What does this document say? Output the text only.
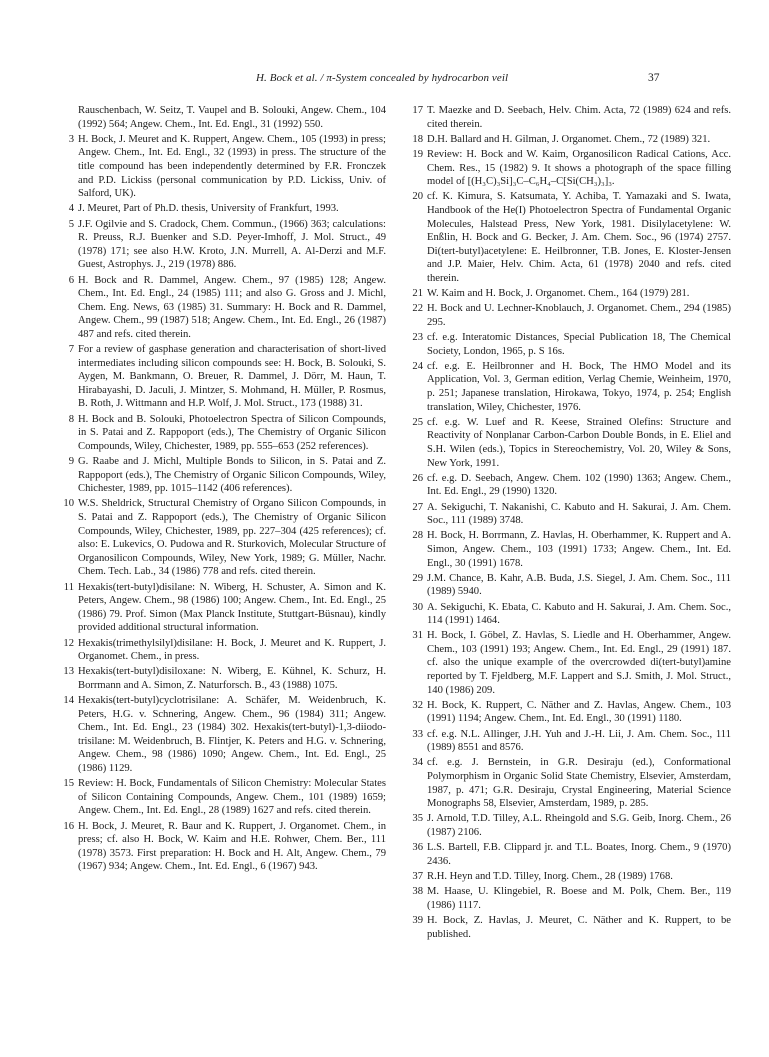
H. Bock et al. / π-System concealed by hydrocarbon veil	37
Rauschenbach, W. Seitz, T. Vaupel and B. Solouki, Angew. Chem., 104 (1992) 564; Angew. Chem., Int. Ed. Engl., 31 (1992) 550.
3 H. Bock, J. Meuret and K. Ruppert, Angew. Chem., 105 (1993) in press; Angew. Chem., Int. Ed. Engl., 32 (1993) in press. The structure of the title compound has been independently determined by F.R. Fronczek and P.D. Lickiss (personal communication by P.D. Lickiss, Univ. of Salford, UK).
4 J. Meuret, Part of Ph.D. thesis, University of Frankfurt, 1993.
5 J.F. Ogilvie and S. Cradock, Chem. Commun., (1966) 363; calculations: R. Preuss, R.J. Buenker and S.D. Peyer-Imhoff, J. Mol. Struct., 49 (1978) 171; see also H.W. Kroto, J.N. Murrell, A. Al-Derzi and M.F. Guest, Astrophys. J., 219 (1978) 886.
6 H. Bock and R. Dammel, Angew. Chem., 97 (1985) 128; Angew. Chem., Int. Ed. Engl., 24 (1985) 111; and also G. Gross and J. Michl, Chem. Eng. News, 63 (1985) 31. Summary: H. Bock and R. Dammel, Angew. Chem., 99 (1987) 518; Angew. Chem., Int. Ed. Engl., 26 (1987) 487 and refs. cited therein.
7 For a review of gasphase generation and characterisation of short-lived intermediates including silicon compounds see: H. Bock, B. Solouki, S. Aygen, M. Bankmann, O. Breuer, R. Dammel, J. Dörr, M. Haun, T. Hirabayashi, D. Jaculi, J. Mintzer, S. Mohmand, H. Müller, P. Rosmus, B. Roth, J. Wittmann and H.P. Wolf, J. Mol. Struct., 173 (1988) 31.
8 H. Bock and B. Solouki, Photoelectron Spectra of Silicon Compounds, in S. Patai and Z. Rappoport (eds.), The Chemistry of Organic Silicon Compounds, Wiley, Chichester, 1989, pp. 555–653 (252 references).
9 G. Raabe and J. Michl, Multiple Bonds to Silicon, in S. Patai and Z. Rappoport (eds.), The Chemistry of Organic Silicon Compounds, Wiley, Chichester, 1989, pp. 1015–1142 (406 references).
10 W.S. Sheldrick, Structural Chemistry of Organo Silicon Compounds, in S. Patai and Z. Rappoport (eds.), The Chemistry of Organic Silicon Compounds, Wiley, Chichester, 1989, pp. 227–304 (425 references); cf. also: E. Lukevics, O. Pudowa and R. Sturkovich, Molecular Structure of Organosilicon Compounds, Wiley, New York, 1989; G. Müller, Nachr. Chem. Tech. Lab., 34 (1986) 778 and refs. cited therein.
11 Hexakis(tert-butyl)disilane: N. Wiberg, H. Schuster, A. Simon and K. Peters, Angew. Chem., 98 (1986) 100; Angew. Chem., Int. Ed. Engl., 25 (1986) 79. Prof. Simon (Max Planck Institute, Stuttgart-Büsnau), kindly provided additional structural information.
12 Hexakis(trimethylsilyl)disilane: H. Bock, J. Meuret and K. Ruppert, J. Organomet. Chem., in press.
13 Hexakis(tert-butyl)disiloxane: N. Wiberg, E. Kühnel, K. Schurz, H. Borrmann and A. Simon, Z. Naturforsch. B., 43 (1988) 1075.
14 Hexakis(tert-butyl)cyclotrisilane: A. Schäfer, M. Weidenbruch, K. Peters, H.G. v. Schnering, Angew. Chem., 96 (1984) 311; Angew. Chem., Int. Ed. Engl., 23 (1984) 302. Hexakis(tert-butyl)-1,3-diiodo-trisilane: M. Weidenbruch, B. Flintjer, K. Peters and H.G. v. Schnering, Angew. Chem., 98 (1986) 1090; Angew. Chem., Int. Ed. Engl., 25 (1986) 1129.
15 Review: H. Bock, Fundamentals of Silicon Chemistry: Molecular States of Silicon Containing Compounds, Angew. Chem., 101 (1989) 1659; Angew. Chem., Int. Ed. Engl., 28 (1989) 1627 and refs. cited therein.
16 H. Bock, J. Meuret, R. Baur and K. Ruppert, J. Organomet. Chem., in press; cf. also H. Bock, W. Kaim and H.E. Rohwer, Chem. Ber., 111 (1978) 3573. First preparation: H. Bock and H. Alt, Angew. Chem., 79 (1967) 934; Angew. Chem., Int. Ed. Engl., 6 (1967) 943.
17 T. Maezke and D. Seebach, Helv. Chim. Acta, 72 (1989) 624 and refs. cited therein.
18 D.H. Ballard and H. Gilman, J. Organomet. Chem., 72 (1989) 321.
19 Review: H. Bock and W. Kaim, Organosilicon Radical Cations, Acc. Chem. Res., 15 (1982) 9. It shows a photograph of the space filling model of [(H₃C)₃Si]₃C–C₆H₄–C[Si(CH₃)₃]₃.
20 cf. K. Kimura, S. Katsumata, Y. Achiba, T. Yamazaki and S. Iwata, Handbook of the He(I) Photoelectron Spectra of Fundamental Organic Molecules, Halstead Press, New York, 1981. Disilylacetylene: W. Enßlin, H. Bock and G. Becker, J. Am. Chem. Soc., 96 (1974) 2757. Di(tert-butyl)acetylene: E. Heilbronner, T.B. Jones, E. Kloster-Jensen and J.P. Maier, Helv. Chim. Acta, 61 (1978) 2040 and refs. cited therein.
21 W. Kaim and H. Bock, J. Organomet. Chem., 164 (1979) 281.
22 H. Bock and U. Lechner-Knoblauch, J. Organomet. Chem., 294 (1985) 295.
23 cf. e.g. Interatomic Distances, Special Publication 18, The Chemical Society, London, 1965, p. S 16s.
24 cf. e.g. E. Heilbronner and H. Bock, The HMO Model and its Application, Vol. 3, German edition, Verlag Chemie, Weinheim, 1970, p. 251; Japanese translation, Hirokawa, Tokyo, 1974, p. 254; English translation, Wiley, Chichester, 1976.
25 cf. e.g. W. Luef and R. Keese, Strained Olefins: Structure and Reactivity of Nonplanar Carbon-Carbon Double Bonds, in E. Eliel and S.H. Wilen (eds.), Topics in Stereochemistry, Vol. 20, Wiley & Sons, New York, 1991.
26 cf. e.g. D. Seebach, Angew. Chem. 102 (1990) 1363; Angew. Chem., Int. Ed. Engl., 29 (1990) 1320.
27 A. Sekiguchi, T. Nakanishi, C. Kabuto and H. Sakurai, J. Am. Chem. Soc., 111 (1989) 3748.
28 H. Bock, H. Borrmann, Z. Havlas, H. Oberhammer, K. Ruppert and A. Simon, Angew. Chem., 103 (1991) 1733; Angew. Chem., Int. Ed. Engl., 30 (1991) 1678.
29 J.M. Chance, B. Kahr, A.B. Buda, J.S. Siegel, J. Am. Chem. Soc., 111 (1989) 5940.
30 A. Sekiguchi, K. Ebata, C. Kabuto and H. Sakurai, J. Am. Chem. Soc., 114 (1991) 1464.
31 H. Bock, I. Göbel, Z. Havlas, S. Liedle and H. Oberhammer, Angew. Chem., 103 (1991) 193; Angew. Chem., Int. Ed. Engl., 29 (1991) 187. cf. also the unique example of the overcrowded di(tert-butyl)amine reported by T. Fjeldberg, M.F. Lappert and S.J. Smith, J. Mol. Struct., 140 (1986) 209.
32 H. Bock, K. Ruppert, C. Näther and Z. Havlas, Angew. Chem., 103 (1991) 1194; Angew. Chem., Int. Ed. Engl., 30 (1991) 1180.
33 cf. e.g. N.L. Allinger, J.H. Yuh and J.-H. Lii, J. Am. Chem. Soc., 111 (1989) 8551 and 8576.
34 cf. e.g. J. Bernstein, in G.R. Desiraju (ed.), Conformational Polymorphism in Organic Solid State Chemistry, Elsevier, Amsterdam, 1987, p. 471; G.R. Desiraju, Crystal Engineering, Material Science Monographs 58, Elsevier, Amsterdam, 1989, p. 285.
35 J. Arnold, T.D. Tilley, A.L. Rheingold and S.G. Geib, Inorg. Chem., 26 (1987) 2106.
36 L.S. Bartell, F.B. Clippard jr. and T.L. Boates, Inorg. Chem., 9 (1970) 2436.
37 R.H. Heyn and T.D. Tilley, Inorg. Chem., 28 (1989) 1768.
38 M. Haase, U. Klingebiel, R. Boese and M. Polk, Chem. Ber., 119 (1986) 1117.
39 H. Bock, Z. Havlas, J. Meuret, C. Näther and K. Ruppert, to be published.
